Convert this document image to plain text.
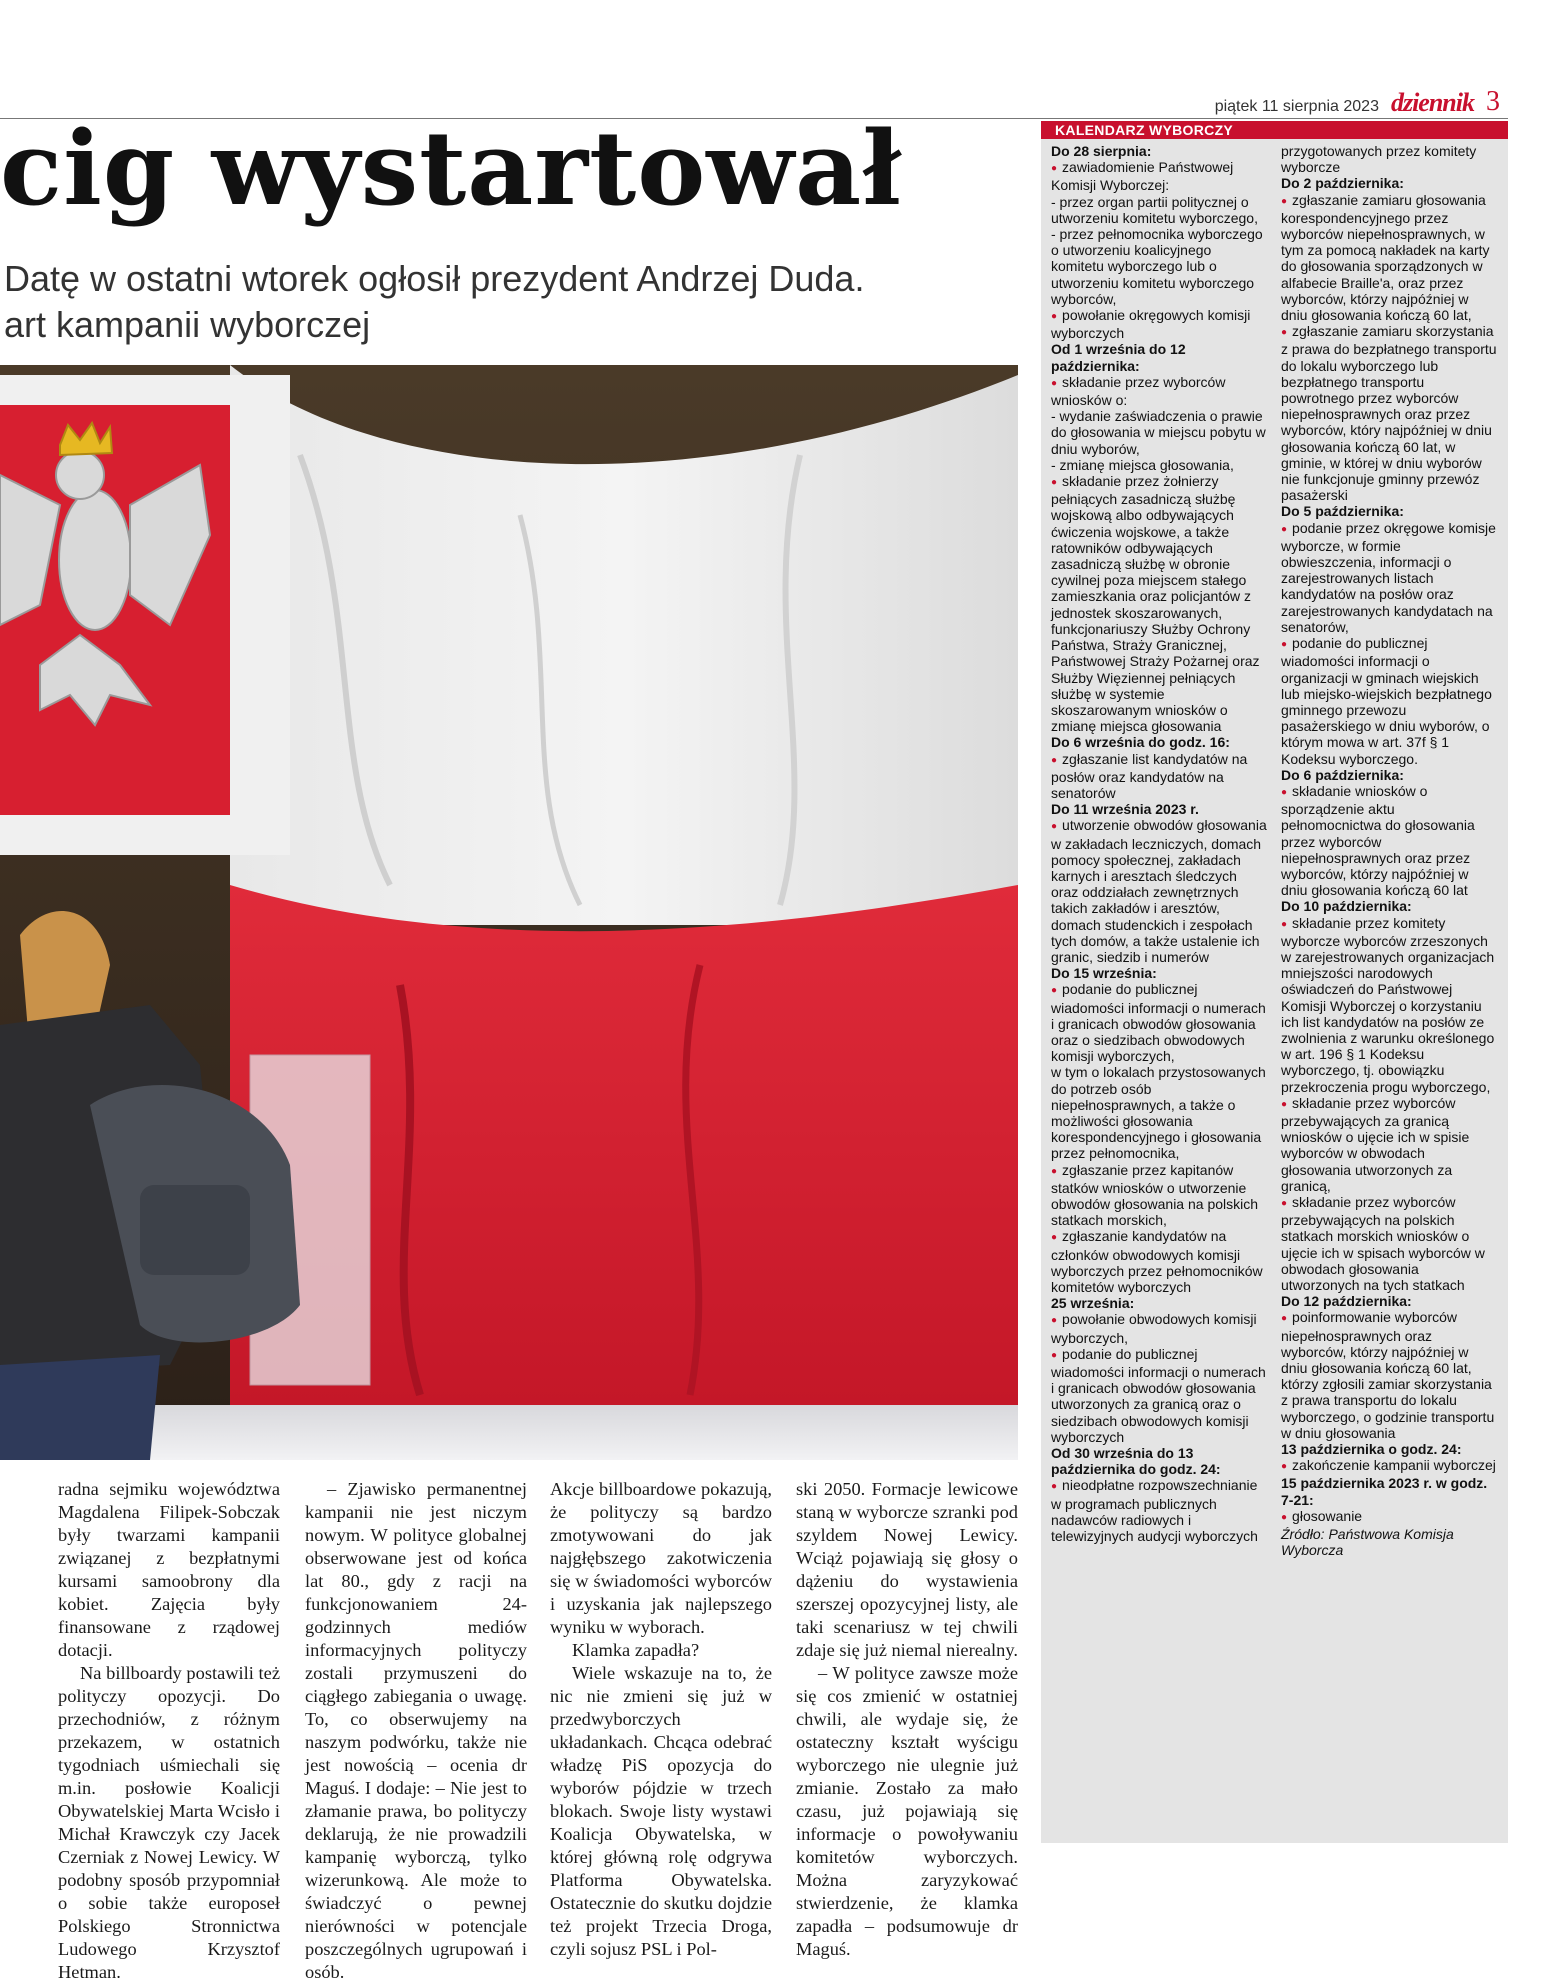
piątek 11 sierpnia 2023 dziennik 3
cig wystartował
Datę w ostatni wtorek ogłosił prezydent Andrzej Duda.
art kampanii wyborczej

radna sejmiku województwa Magdalena Filipek-Sobczak były twarzami kampanii związanej z bezpłatnymi kursami samoobrony dla kobiet. Zajęcia były finansowane z rządowej dotacji.

Na billboardy postawili też polityczy opozycji. Do przechodniów, z różnym przekazem, w ostatnich tygodniach uśmiechali się m.in. posłowie Koalicji Obywatelskiej Marta Wcisło i Michał Krawczyk czy Jacek Czerniak z Nowej Lewicy. W podobny sposób przypomniał o sobie także europoseł Polskiego Stronnictwa Ludowego Krzysztof Hetman.

– Zjawisko permanentnej kampanii nie jest niczym nowym. W polityce globalnej obserwowane jest od końca lat 80., gdy z racji na funkcjonowaniem 24-godzinnych mediów informacyjnych polityczy zostali przymuszeni do ciągłego zabiegania o uwagę. To, co obserwujemy na naszym podwórku, także nie jest nowością – ocenia dr Maguś. I dodaje: – Nie jest to złamanie prawa, bo polityczy deklarują, że nie prowadzili kampanię wyborczą, tylko wizerunkową. Ale może to świadczyć o pewnej nierówności w potencjale poszczególnych ugrupowań i osób.

Akcje billboardowe pokazują, że polityczy są bardzo zmotywowani do jak najgłębszego zakotwiczenia się w świadomości wyborców i uzyskania jak najlepszego wyniku w wyborach.

Klamka zapadła?

Wiele wskazuje na to, że nic nie zmieni się już w przedwyborczych układankach. Chcąca odebrać władzę PiS opozycja do wyborów pójdzie w trzech blokach. Swoje listy wystawi Koalicja Obywatelska, w której główną rolę odgrywa Platforma Obywatelska. Ostatecznie do skutku dojdzie też projekt Trzecia Droga, czyli sojusz PSL i Pol-

ski 2050. Formacje lewicowe staną w wyborcze szranki pod szyldem Nowej Lewicy. Wciąż pojawiają się głosy o dążeniu do wystawienia szerszej opozycyjnej listy, ale taki scenariusz w tej chwili zdaje się już niemal nierealny.

– W polityce zawsze może się cos zmienić w ostatniej chwili, ale wydaje się, że ostateczny kształt wyścigu wyborczego nie ulegnie już zmianie. Zostało za mało czasu, już pojawiają się informacje o powoływaniu komitetów wyborczych. Można zaryzykować stwierdzenie, że klamka zapadła – podsumowuje dr Maguś.

KALENDARZ WYBORCZY
Do 28 sierpnia:
● zawiadomienie Państwowej Komisji Wyborczej:
- przez organ partii politycznej o utworzeniu komitetu wyborczego,
- przez pełnomocnika wyborczego o utworzeniu koalicyjnego komitetu wyborczego lub o utworzeniu komitetu wyborczego wyborców,
● powołanie okręgowych komisji wyborczych
Od 1 września do 12 października:
● składanie przez wyborców wniosków o:
- wydanie zaświadczenia o prawie do głosowania w miejscu pobytu w dniu wyborów,
- zmianę miejsca głosowania,
● składanie przez żołnierzy pełniących zasadniczą służbę wojskową albo odbywających ćwiczenia wojskowe, a także ratowników odbywających zasadniczą służbę w obronie cywilnej poza miejscem stałego zamieszkania oraz policjantów z jednostek skoszarowanych, funkcjonariuszy Służby Ochrony Państwa, Straży Granicznej, Państwowej Straży Pożarnej oraz Służby Więziennej pełniących służbę w systemie skoszarowanym wniosków o zmianę miejsca głosowania
Do 6 września do godz. 16:
● zgłaszanie list kandydatów na posłów oraz kandydatów na senatorów
Do 11 września 2023 r.
● utworzenie obwodów głosowania w zakładach leczniczych, domach pomocy społecznej, zakładach karnych i aresztach śledczych oraz oddziałach zewnętrznych takich zakładów i aresztów, domach studenckich i zespołach tych domów, a także ustalenie ich granic, siedzib i numerów
Do 15 września:
● podanie do publicznej wiadomości informacji o numerach i granicach obwodów głosowania oraz o siedzibach obwodowych komisji wyborczych,
w tym o lokalach przystosowanych do potrzeb osób niepełnosprawnych, a także o możliwości głosowania korespondencyjnego i głosowania przez pełnomocnika,
● zgłaszanie przez kapitanów statków wniosków o utworzenie obwodów głosowania na polskich statkach morskich,
● zgłaszanie kandydatów na członków obwodowych komisji wyborczych przez pełnomocników komitetów wyborczych
25 września:
● powołanie obwodowych komisji wyborczych,
● podanie do publicznej wiadomości informacji o numerach i granicach obwodów głosowania utworzonych za granicą oraz o siedzibach obwodowych komisji wyborczych
Od 30 września do 13 października do godz. 24:
● nieodpłatne rozpowszechnianie w programach publicznych nadawców radiowych i telewizyjnych audycji wyborczych
przygotowanych przez komitety wyborcze
Do 2 października:
● zgłaszanie zamiaru głosowania korespondencyjnego przez wyborców niepełnosprawnych, w tym za pomocą nakładek na karty do głosowania sporządzonych w alfabecie Braille'a, oraz przez wyborców, którzy najpóźniej w dniu głosowania kończą 60 lat,
● zgłaszanie zamiaru skorzystania z prawa do bezpłatnego transportu do lokalu wyborczego lub bezpłatnego transportu powrotnego przez wyborców niepełnosprawnych oraz przez wyborców, który najpóźniej w dniu głosowania kończą 60 lat, w gminie, w której w dniu wyborów nie funkcjonuje gminny przewóz pasażerski
Do 5 października:
● podanie przez okręgowe komisje wyborcze, w formie obwieszczenia, informacji o zarejestrowanych listach kandydatów na posłów oraz zarejestrowanych kandydatach na senatorów,
● podanie do publicznej wiadomości informacji o organizacji w gminach wiejskich lub miejsko-wiejskich bezpłatnego gminnego przewozu pasażerskiego w dniu wyborów, o którym mowa w art. 37f § 1 Kodeksu wyborczego.
Do 6 października:
● składanie wniosków o sporządzenie aktu pełnomocnictwa do głosowania przez wyborców niepełnosprawnych oraz przez wyborców, którzy najpóźniej w dniu głosowania kończą 60 lat
Do 10 października:
● składanie przez komitety wyborcze wyborców zrzeszonych w zarejestrowanych organizacjach mniejszości narodowych oświadczeń do Państwowej Komisji Wyborczej o korzystaniu ich list kandydatów na posłów ze zwolnienia z warunku określonego w art. 196 § 1 Kodeksu wyborczego, tj. obowiązku przekroczenia progu wyborczego,
● składanie przez wyborców przebywających za granicą wniosków o ujęcie ich w spisie wyborców w obwodach głosowania utworzonych za granicą,
● składanie przez wyborców przebywających na polskich statkach morskich wniosków o ujęcie ich w spisach wyborców w obwodach głosowania utworzonych na tych statkach
Do 12 października:
● poinformowanie wyborców niepełnosprawnych oraz wyborców, którzy najpóźniej w dniu głosowania kończą 60 lat, którzy zgłosili zamiar skorzystania z prawa transportu do lokalu wyborczego, o godzinie transportu w dniu głosowania
13 października o godz. 24:
● zakończenie kampanii wyborczej
15 października 2023 r. w godz. 7-21:
● głosowanie
Źródło: Państwowa Komisja Wyborcza
